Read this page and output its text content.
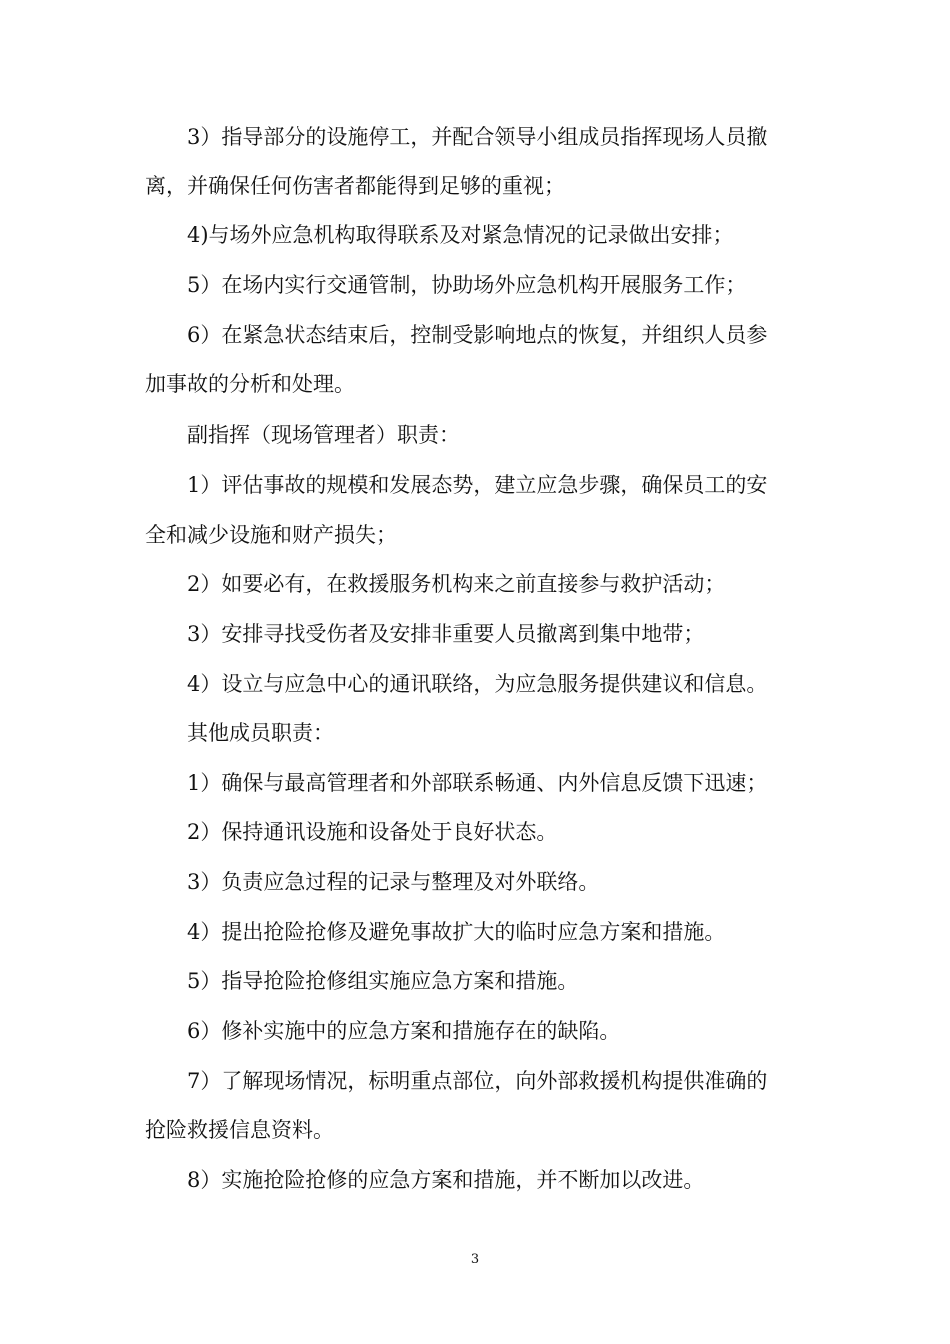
3）指导部分的设施停工，并配合领导小组成员指挥现场人员撤
离，并确保任何伤害者都能得到足够的重视；
4)与场外应急机构取得联系及对紧急情况的记录做出安排；
5）在场内实行交通管制，协助场外应急机构开展服务工作；
6）在紧急状态结束后，控制受影响地点的恢复，并组织人员参
加事故的分析和处理。
副指挥（现场管理者）职责：
1）评估事故的规模和发展态势，建立应急步骤，确保员工的安
全和减少设施和财产损失；
2）如要必有，在救援服务机构来之前直接参与救护活动；
3）安排寻找受伤者及安排非重要人员撤离到集中地带；
4）设立与应急中心的通讯联络，为应急服务提供建议和信息。
其他成员职责：
1）确保与最高管理者和外部联系畅通、内外信息反馈下迅速；
2）保持通讯设施和设备处于良好状态。
3）负责应急过程的记录与整理及对外联络。
4）提出抢险抢修及避免事故扩大的临时应急方案和措施。
5）指导抢险抢修组实施应急方案和措施。
6）修补实施中的应急方案和措施存在的缺陷。
7）了解现场情况，标明重点部位，向外部救援机构提供准确的
抢险救援信息资料。
8）实施抢险抢修的应急方案和措施，并不断加以改进。
3
